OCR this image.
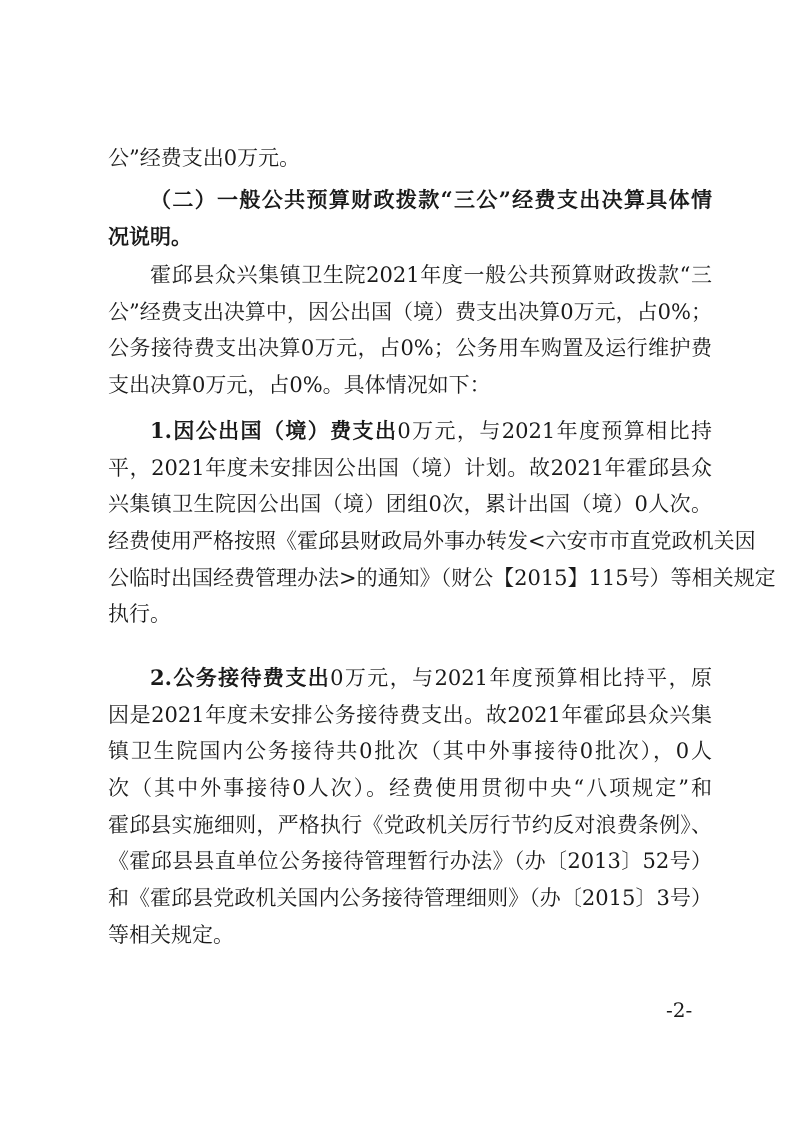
公”经费支出0万元。
（二）一般公共预算财政拨款“三公”经费支出决算具体情
况说明。
霍邱县众兴集镇卫生院2021年度一般公共预算财政拨款“三
公”经费支出决算中，因公出国（境）费支出决算0万元，占0%；
公务接待费支出决算0万元，占0%；公务用车购置及运行维护费
支出决算0万元，占0%。具体情况如下：
1.因公出国（境）费支出0万元，与2021年度预算相比持
平，2021年度未安排因公出国（境）计划。故2021年霍邱县众
兴集镇卫生院因公出国（境）团组0次，累计出国（境）0人次。
经费使用严格按照《霍邱县财政局外事办转发<六安市市直党政机关因
公临时出国经费管理办法>的通知》（财公【2015】115号）等相关规定
执行。
2.公务接待费支出0万元，与2021年度预算相比持平，原
因是2021年度未安排公务接待费支出。故2021年霍邱县众兴集
镇卫生院国内公务接待共0批次（其中外事接待0批次），0人
次（其中外事接待0人次）。经费使用贯彻中央“八项规定”和
霍邱县实施细则，严格执行《党政机关厉行节约反对浪费条例》、
《霍邱县县直单位公务接待管理暂行办法》（办〔2013〕52号）
和《霍邱县党政机关国内公务接待管理细则》（办〔2015〕3号）
等相关规定。
-2-
